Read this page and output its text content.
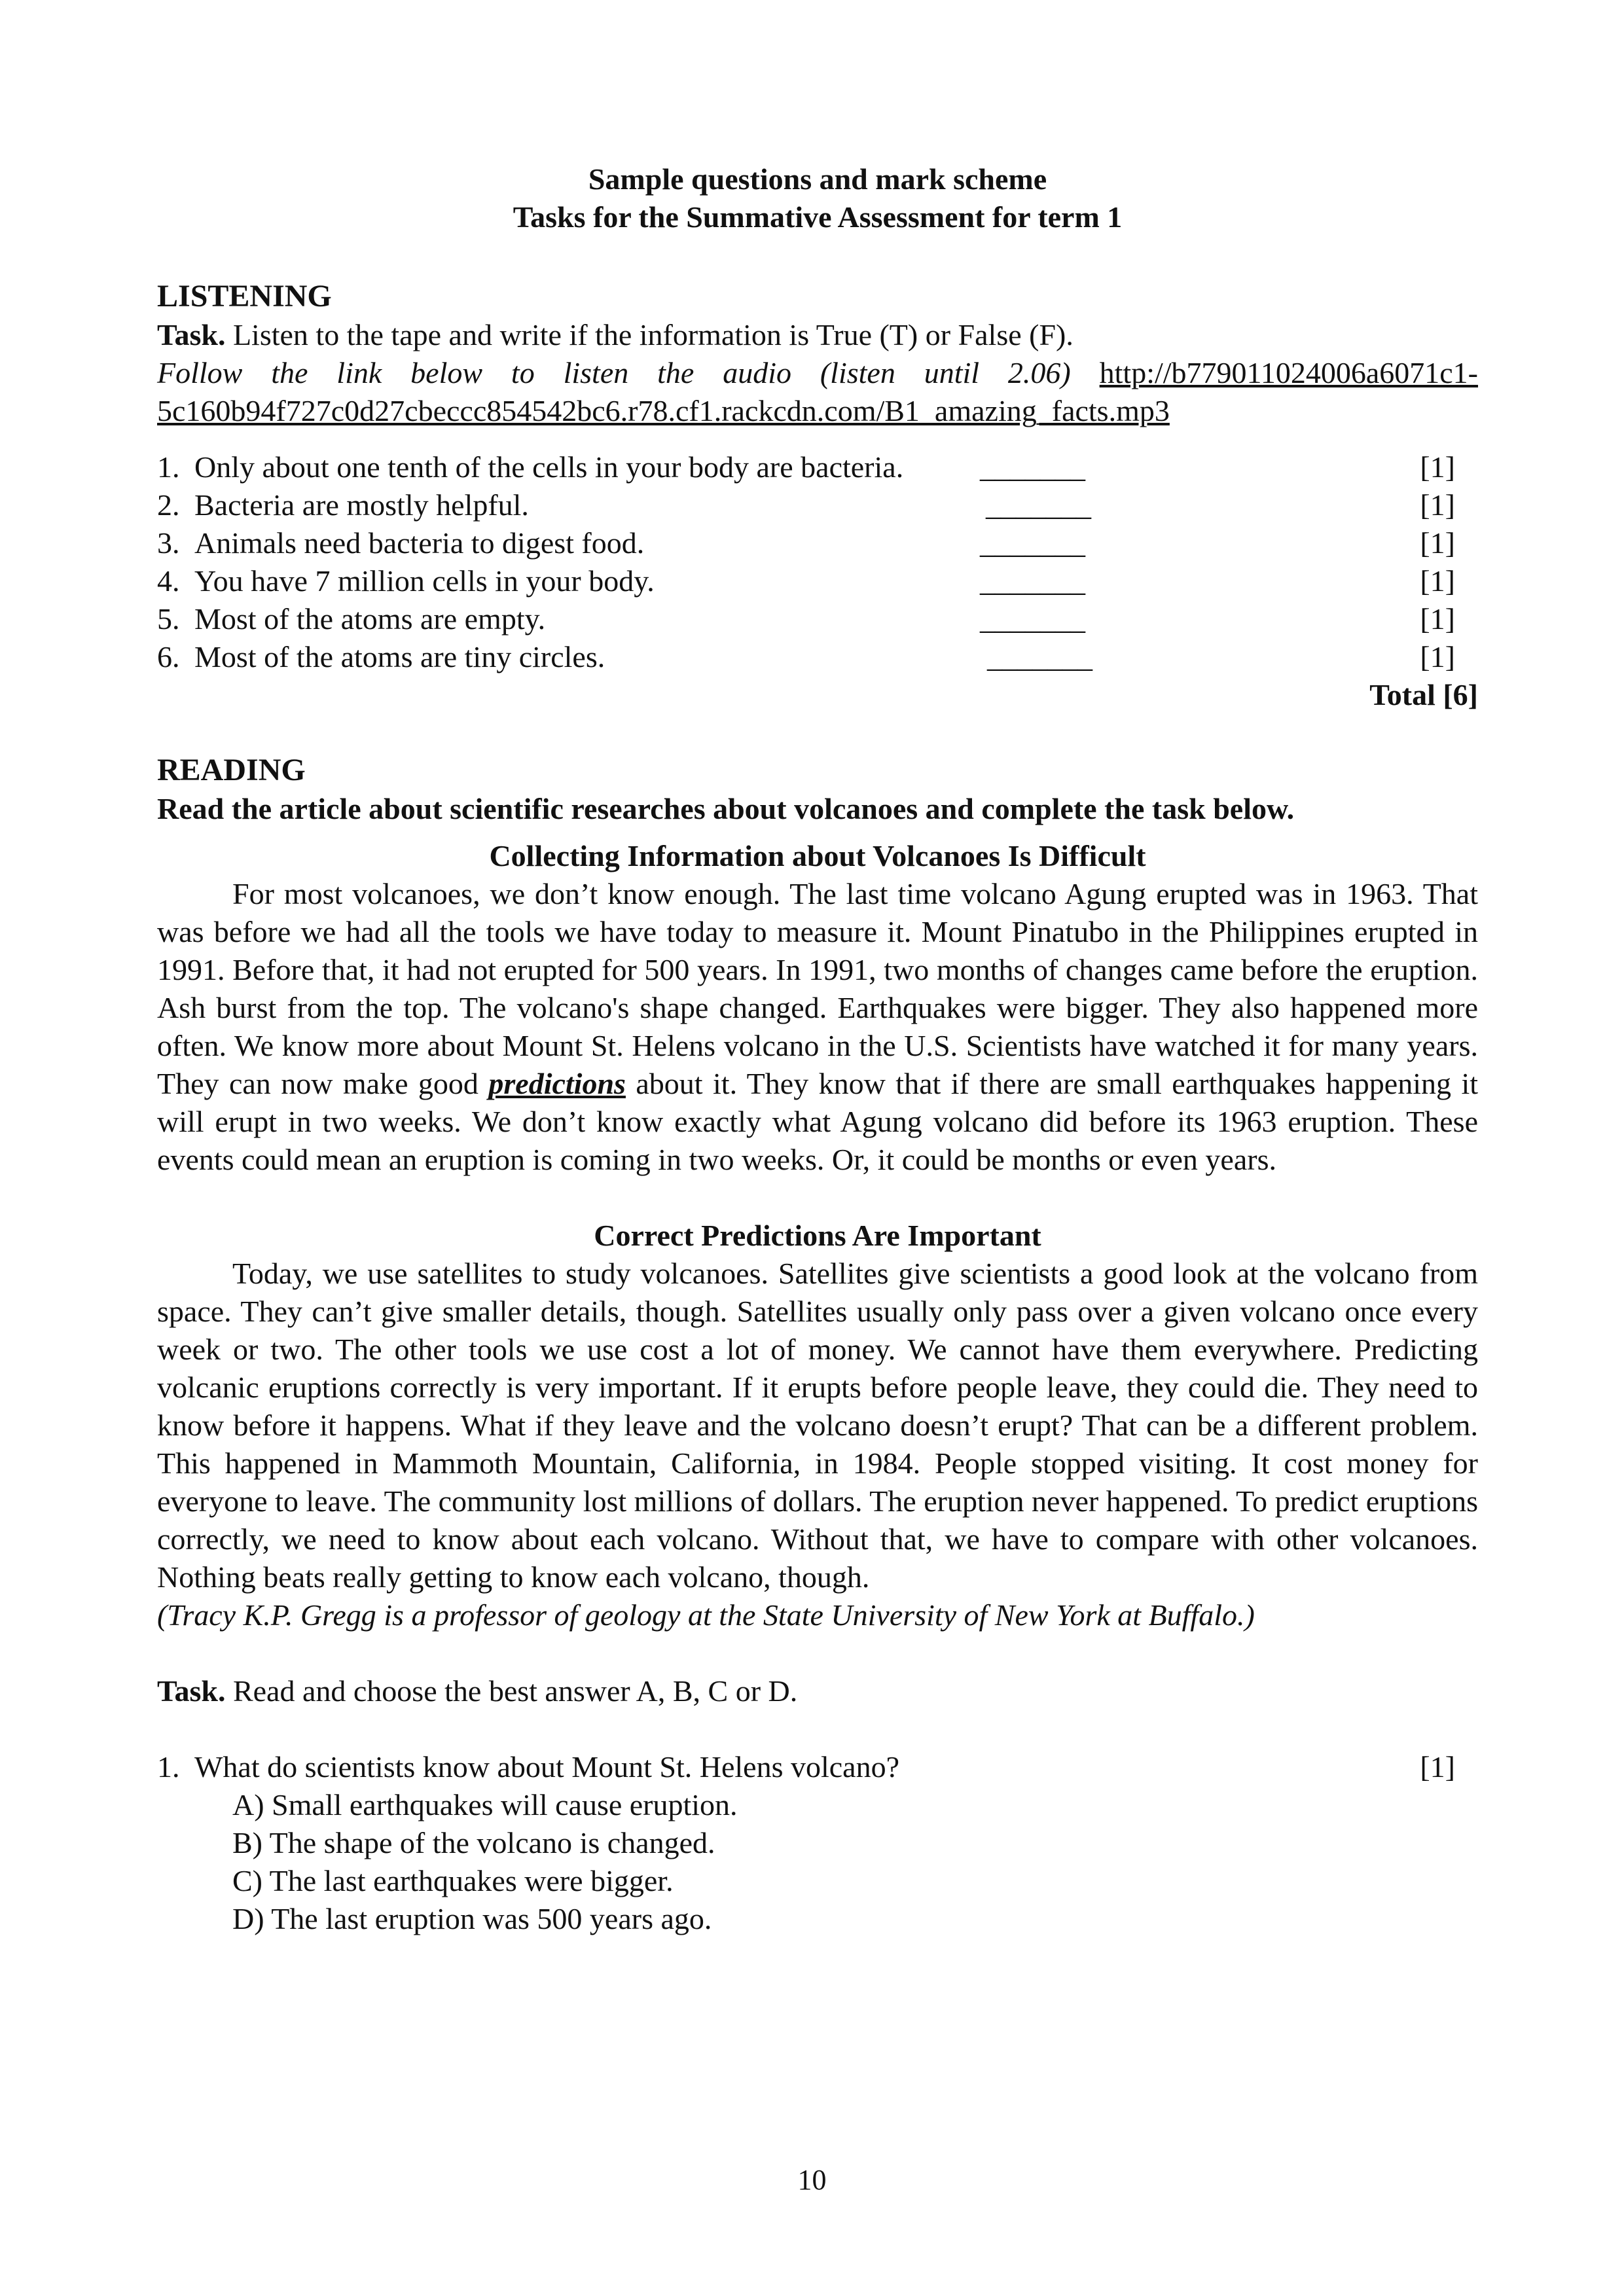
Sample questions and mark scheme
Tasks for the Summative Assessment for term 1
LISTENING
Task. Listen to the tape and write if the information is True (T) or False (F).
Follow the link below to listen the audio (listen until 2.06) http://b779011024006a6071c1-5c160b94f727c0d27cbeccc854542bc6.r78.cf1.rackcdn.com/B1_amazing_facts.mp3
1. Only about one tenth of the cells in your body are bacteria.	_______	[1]
2. Bacteria are mostly helpful.	_______	[1]
3. Animals need bacteria to digest food.	_______	[1]
4. You have 7 million cells in your body.	_______	[1]
5. Most of the atoms are empty.	_______	[1]
6. Most of the atoms are tiny circles.	_______	[1]
Total [6]
READING
Read the article about scientific researches about volcanoes and complete the task below.
Collecting Information about Volcanoes Is Difficult
For most volcanoes, we don’t know enough. The last time volcano Agung erupted was in 1963. That was before we had all the tools we have today to measure it. Mount Pinatubo in the Philippines erupted in 1991. Before that, it had not erupted for 500 years. In 1991, two months of changes came before the eruption. Ash burst from the top. The volcano's shape changed. Earthquakes were bigger. They also happened more often. We know more about Mount St. Helens volcano in the U.S. Scientists have watched it for many years. They can now make good predictions about it. They know that if there are small earthquakes happening it will erupt in two weeks. We don’t know exactly what Agung volcano did before its 1963 eruption. These events could mean an eruption is coming in two weeks. Or, it could be months or even years.
Correct Predictions Are Important
Today, we use satellites to study volcanoes. Satellites give scientists a good look at the volcano from space. They can’t give smaller details, though. Satellites usually only pass over a given volcano once every week or two. The other tools we use cost a lot of money. We cannot have them everywhere. Predicting volcanic eruptions correctly is very important. If it erupts before people leave, they could die. They need to know before it happens. What if they leave and the volcano doesn’t erupt? That can be a different problem. This happened in Mammoth Mountain, California, in 1984. People stopped visiting. It cost money for everyone to leave. The community lost millions of dollars. The eruption never happened. To predict eruptions correctly, we need to know about each volcano. Without that, we have to compare with other volcanoes. Nothing beats really getting to know each volcano, though.
(Tracy K.P. Gregg is a professor of geology at the State University of New York at Buffalo.)
Task. Read and choose the best answer A, B, C or D.
1. What do scientists know about Mount St. Helens volcano?	[1]
A) Small earthquakes will cause eruption.
B) The shape of the volcano is changed.
C) The last earthquakes were bigger.
D) The last eruption was 500 years ago.
10
